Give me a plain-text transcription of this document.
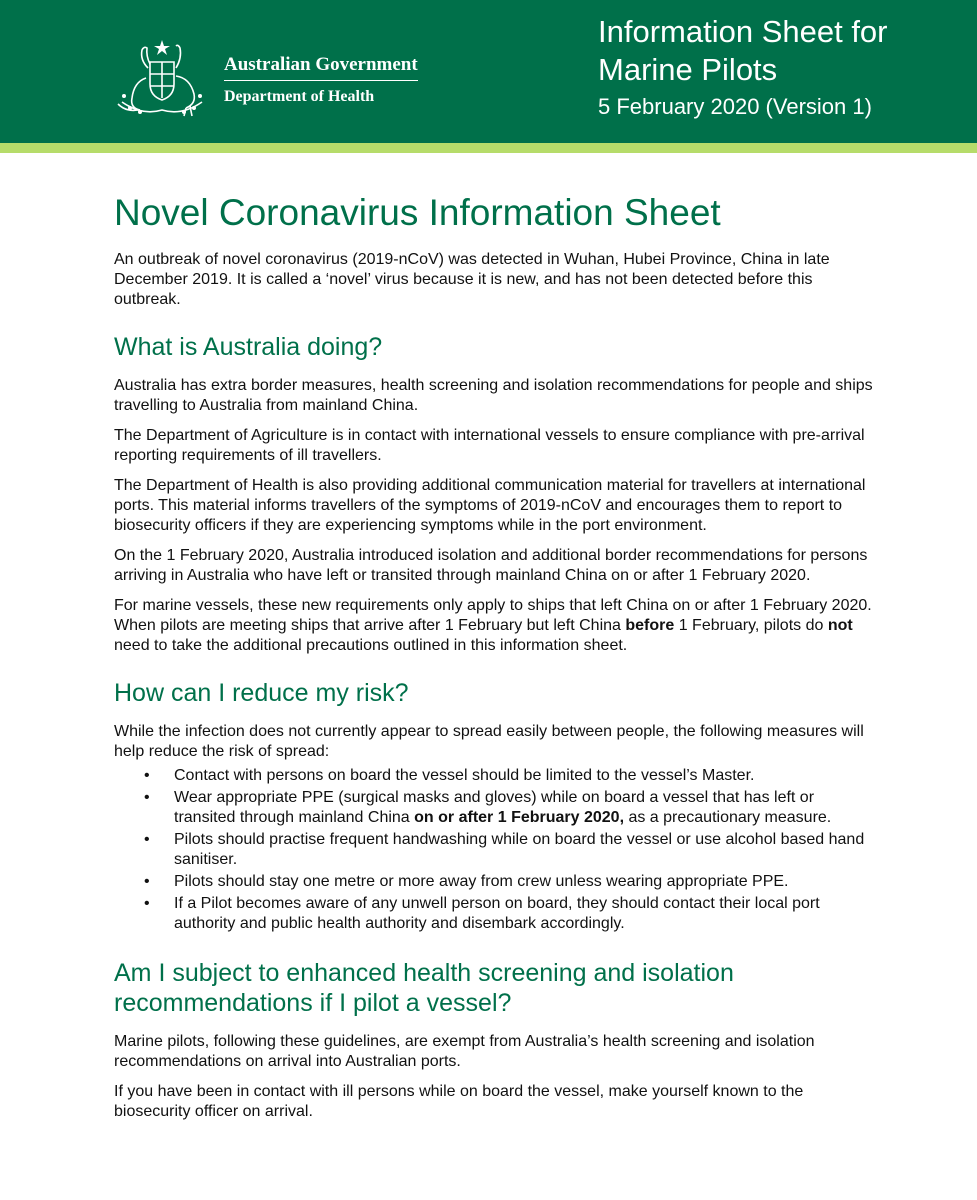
Australian Government
Department of Health
Information Sheet for
Marine Pilots
5 February 2020 (Version 1)
Novel Coronavirus Information Sheet

An outbreak of novel coronavirus (2019-nCoV) was detected in Wuhan, Hubei Province, China in late December 2019. It is called a ‘novel’ virus because it is new, and has not been detected before this outbreak.

What is Australia doing?

Australia has extra border measures, health screening and isolation recommendations for people and ships travelling to Australia from mainland China.

The Department of Agriculture is in contact with international vessels to ensure compliance with pre-arrival reporting requirements of ill travellers.

The Department of Health is also providing additional communication material for travellers at international ports. This material informs travellers of the symptoms of 2019-nCoV and encourages them to report to biosecurity officers if they are experiencing symptoms while in the port environment.

On the 1 February 2020, Australia introduced isolation and additional border recommendations for persons arriving in Australia who have left or transited through mainland China on or after 1 February 2020.

For marine vessels, these new requirements only apply to ships that left China on or after 1 February 2020. When pilots are meeting ships that arrive after 1 February but left China before 1 February, pilots do not need to take the additional precautions outlined in this information sheet.

How can I reduce my risk?

While the infection does not currently appear to spread easily between people, the following measures will help reduce the risk of spread:

• Contact with persons on board the vessel should be limited to the vessel’s Master.
• Wear appropriate PPE (surgical masks and gloves) while on board a vessel that has left or transited through mainland China on or after 1 February 2020, as a precautionary measure.
• Pilots should practise frequent handwashing while on board the vessel or use alcohol based hand sanitiser.
• Pilots should stay one metre or more away from crew unless wearing appropriate PPE.
• If a Pilot becomes aware of any unwell person on board, they should contact their local port authority and public health authority and disembark accordingly.
Am I subject to enhanced health screening and isolation recommendations if I pilot a vessel?

Marine pilots, following these guidelines, are exempt from Australia’s health screening and isolation recommendations on arrival into Australian ports.

If you have been in contact with ill persons while on board the vessel, make yourself known to the biosecurity officer on arrival.
